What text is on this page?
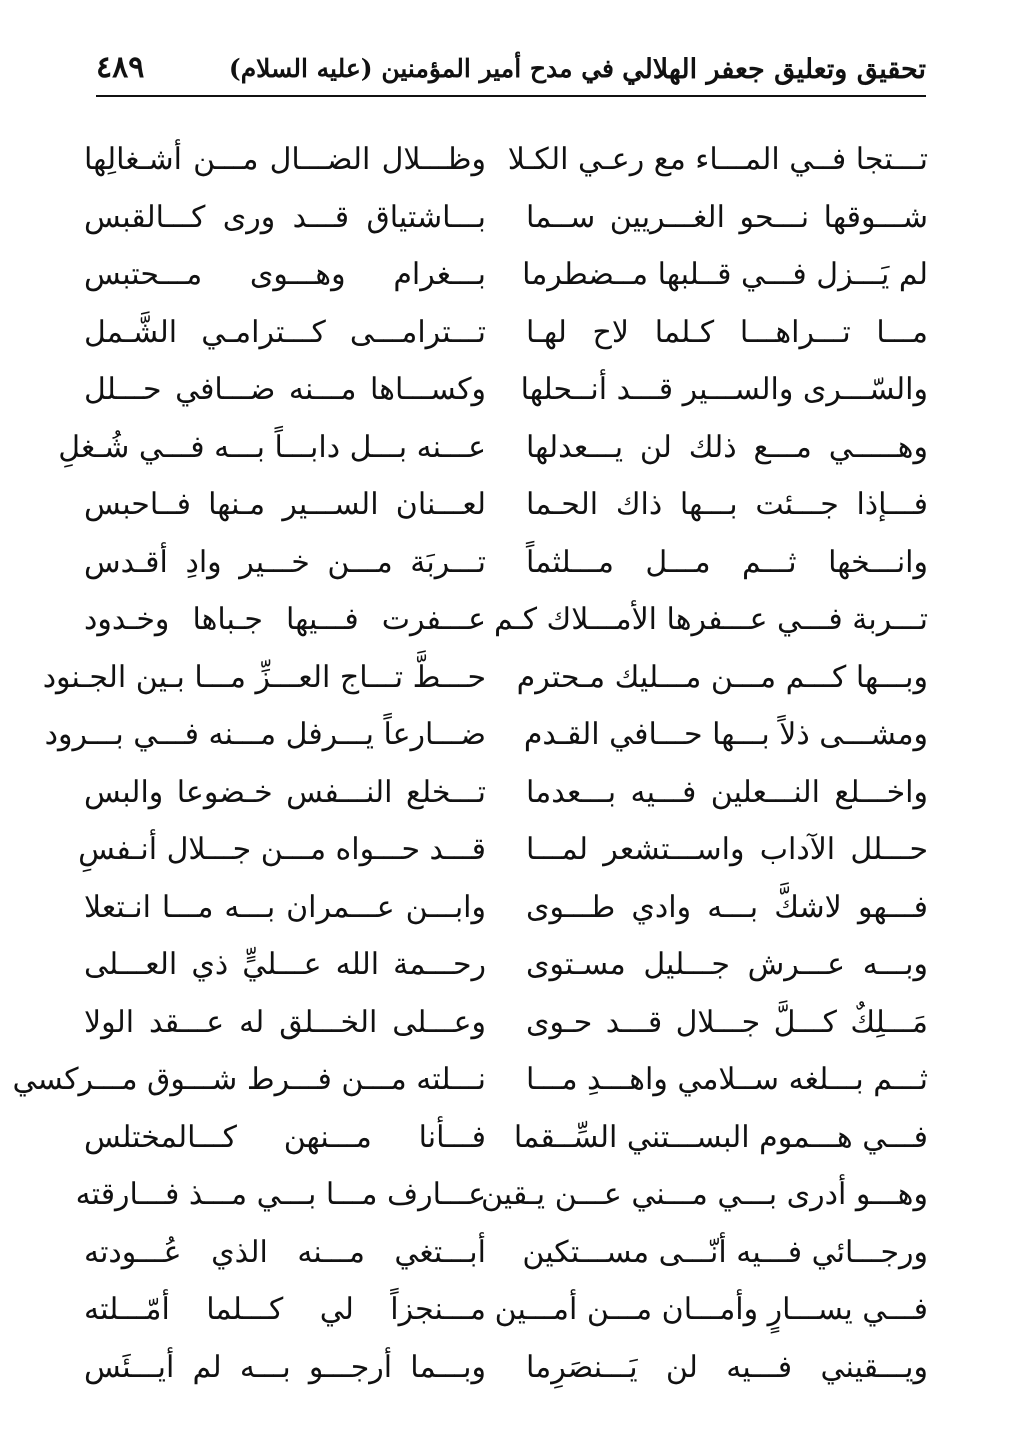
تحقيق وتعليق جعفر الهلالي
في مدح أمير المؤمنين (عليه السلام)
٤٨٩
تـــتجا فــي المـــاء مع رعـي الكـلا
وظـــلال الضـــال مـــن أشـغالِها
شـــوقها نـــحو الغـــريين ســما
بـــاشتياق قـــد ورى كـــالقبس
لم يَـــزل فـــي قــلبها مــضطرما
بـــغرام وهـــوى مـــحتبس
مـــا تـــراهـــا كـلما لاح لهـا
تـــترامـــى كـــترامـي الشَّـمل
والسّـــرى والســـير قـــد أنــحلها
وكســـاها مـــنه ضـــافي حـــلل
وهـــــي مـــع ذلك لن يـــعدلها
عـــنه بـــل دابـــاً بـــه فـــي شُـغلِ
فـــإذا جـــئت بـــها ذاك الحـما
لعـــنان الســـير مـنها فــاحبس
وانـــخها ثـــم مـــل مـــلثماً
تـــربَة مـــن خـــير وادِ أقـدس
تـــربة فـــي عـــفرها الأمـــلاك كـم
عـــفرت فـــيها جـباها وخـدود
وبـــها كـــم مـــن مـــليك مـحترم
حـــطَّ تـــاج العـــزِّ مـــا بـين الجـنود
ومشـــى ذلاً بـــها حـــافي القـدم
ضـــارعاً يـــرفل مـــنه فـــي بـــرود
واخـــلع النـــعلين فـــيه بـــعدما
تـــخلع النـــفس خـضوعا والبس
حـــلل الآداب واســـتشعر لمـــا
قـــد حـــواه مـــن جـــلال أنـفسِ
فـــهو لاشكَّ بـــه وادي طـــوى
وابـــن عـــمران بـــه مـــا انـتعلا
وبـــه عـــرش جـــليل مسـتوى
رحـــمة الله عـــليٍّ ذي العـــلى
مَـــلِكٌ كـــلَّ جـــلال قـــد حـوى
وعـــلى الخـــلق له عـــقد الولا
ثـــم بـــلغه ســلامي واهـــدِ مـــا
نـــلته مـــن فـــرط شـــوق مـــركسي
فـــي هـــموم البســـتني السِّــقما
فـــأنا مـــنهن كـــالمختلس
وهـــو أدرى بـــي مـــني عـــن يـقين
عـــارف مـــا بـــي مـــذ فـــارقته
ورجـــائي فـــيه أنّـــى مســـتكين
أبـــتغي مـــنه الذي عُـــودته
فـــي يســـارٍ وأمـــان مـــن أمـــين
مـــنجزاً لي كـــلما أمّـــلته
ويـــقيني فـــيه لن يَـــنصَرِما
وبـــما أرجـــو بـــه لم أيـــئَس
